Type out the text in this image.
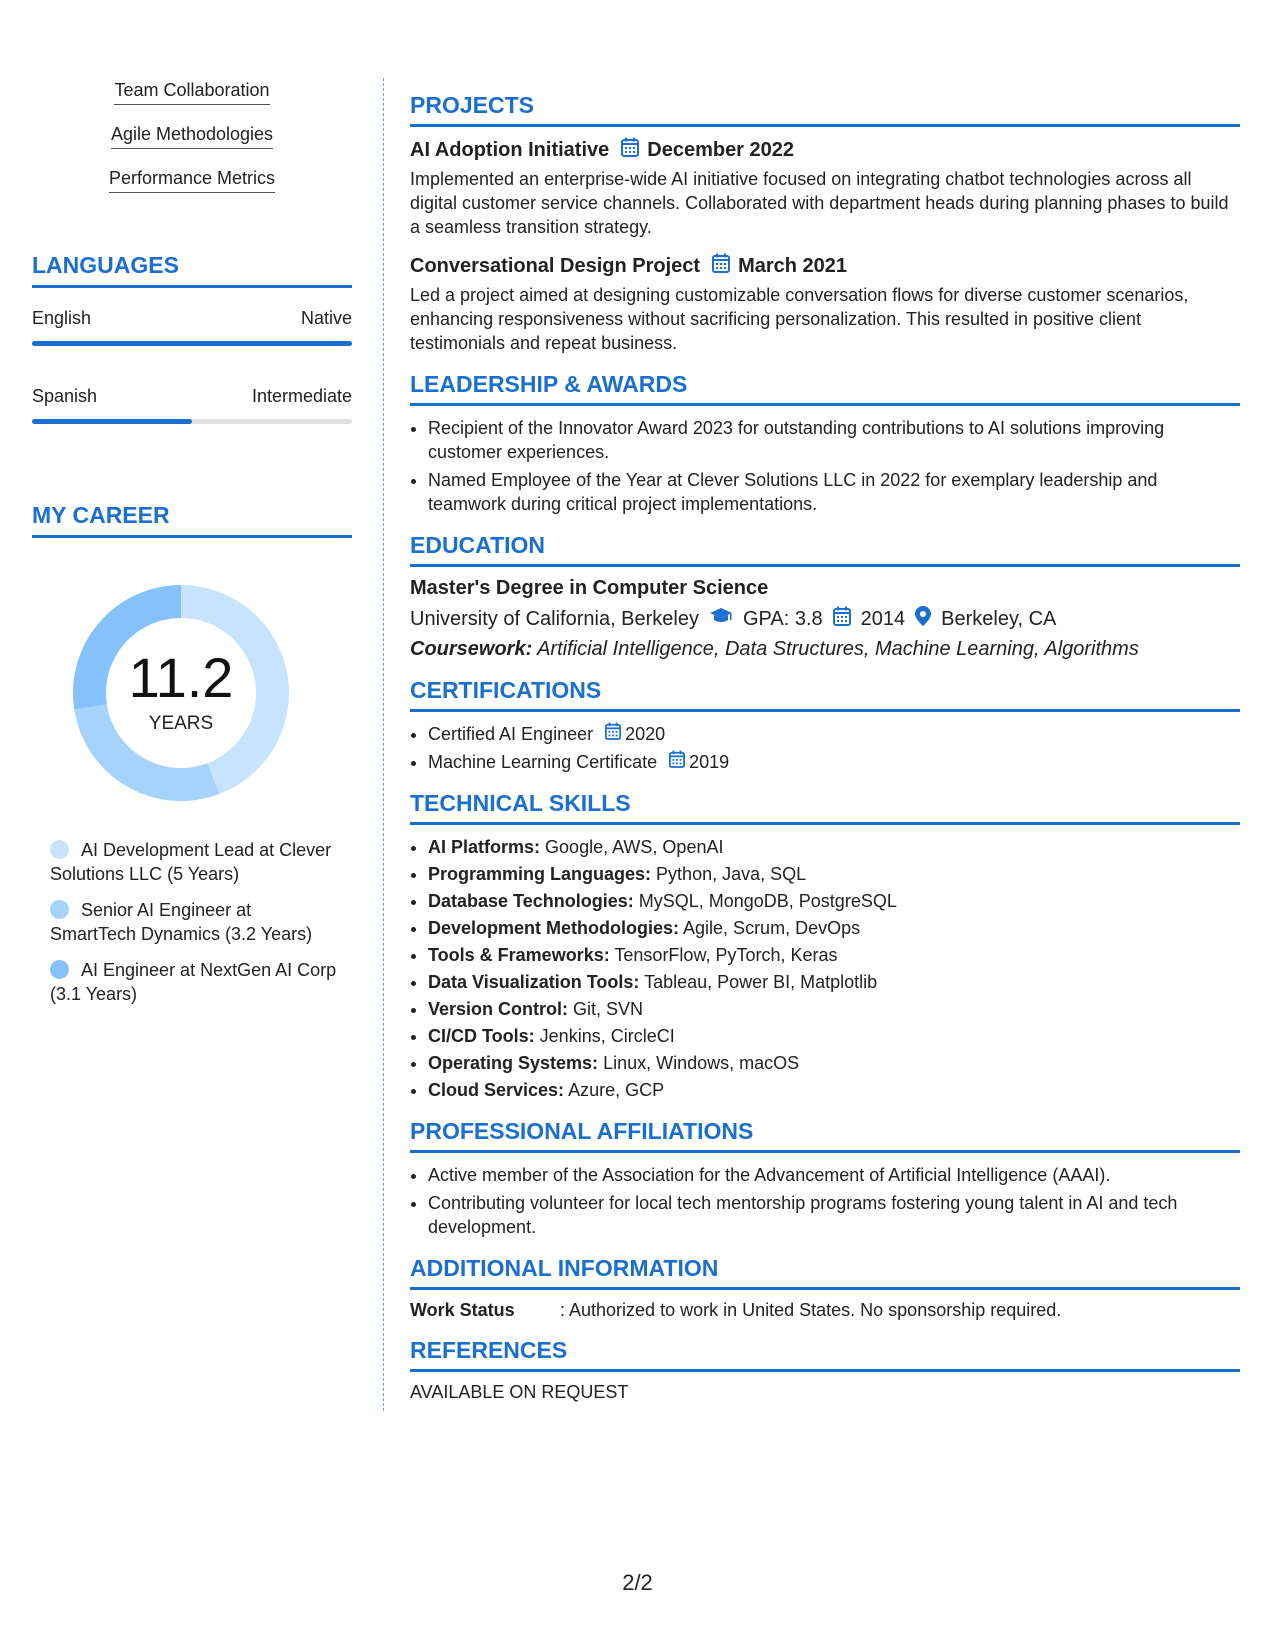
Team Collaboration
Agile Methodologies
Performance Metrics
LANGUAGES
English	Native
Spanish	Intermediate
MY CAREER
11.2
YEARS
AI Development Lead at Clever Solutions LLC (5 Years)
Senior AI Engineer at SmartTech Dynamics (3.2 Years)
AI Engineer at NextGen AI Corp (3.1 Years)
PROJECTS
AI Adoption Initiative December 2022

Implemented an enterprise-wide AI initiative focused on integrating chatbot technologies across all digital customer service channels. Collaborated with department heads during planning phases to build a seamless transition strategy.

Conversational Design Project March 2021

Led a project aimed at designing customizable conversation flows for diverse customer scenarios, enhancing responsiveness without sacrificing personalization. This resulted in positive client testimonials and repeat business.

LEADERSHIP & AWARDS
• Recipient of the Innovator Award 2023 for outstanding contributions to AI solutions improving customer experiences.
• Named Employee of the Year at Clever Solutions LLC in 2022 for exemplary leadership and teamwork during critical project implementations.
EDUCATION
Master's Degree in Computer Science
University of California, Berkeley GPA: 3.8 2014 Berkeley, CA
Coursework: Artificial Intelligence, Data Structures, Machine Learning, Algorithms
CERTIFICATIONS
• Certified AI Engineer 2020
• Machine Learning Certificate 2019
TECHNICAL SKILLS
• AI Platforms: Google, AWS, OpenAI
• Programming Languages: Python, Java, SQL
• Database Technologies: MySQL, MongoDB, PostgreSQL
• Development Methodologies: Agile, Scrum, DevOps
• Tools & Frameworks: TensorFlow, PyTorch, Keras
• Data Visualization Tools: Tableau, Power BI, Matplotlib
• Version Control: Git, SVN
• CI/CD Tools: Jenkins, CircleCI
• Operating Systems: Linux, Windows, macOS
• Cloud Services: Azure, GCP
PROFESSIONAL AFFILIATIONS
• Active member of the Association for the Advancement of Artificial Intelligence (AAAI).
• Contributing volunteer for local tech mentorship programs fostering young talent in AI and tech development.
ADDITIONAL INFORMATION
Work Status	: Authorized to work in United States. No sponsorship required.
REFERENCES
AVAILABLE ON REQUEST
2/2
